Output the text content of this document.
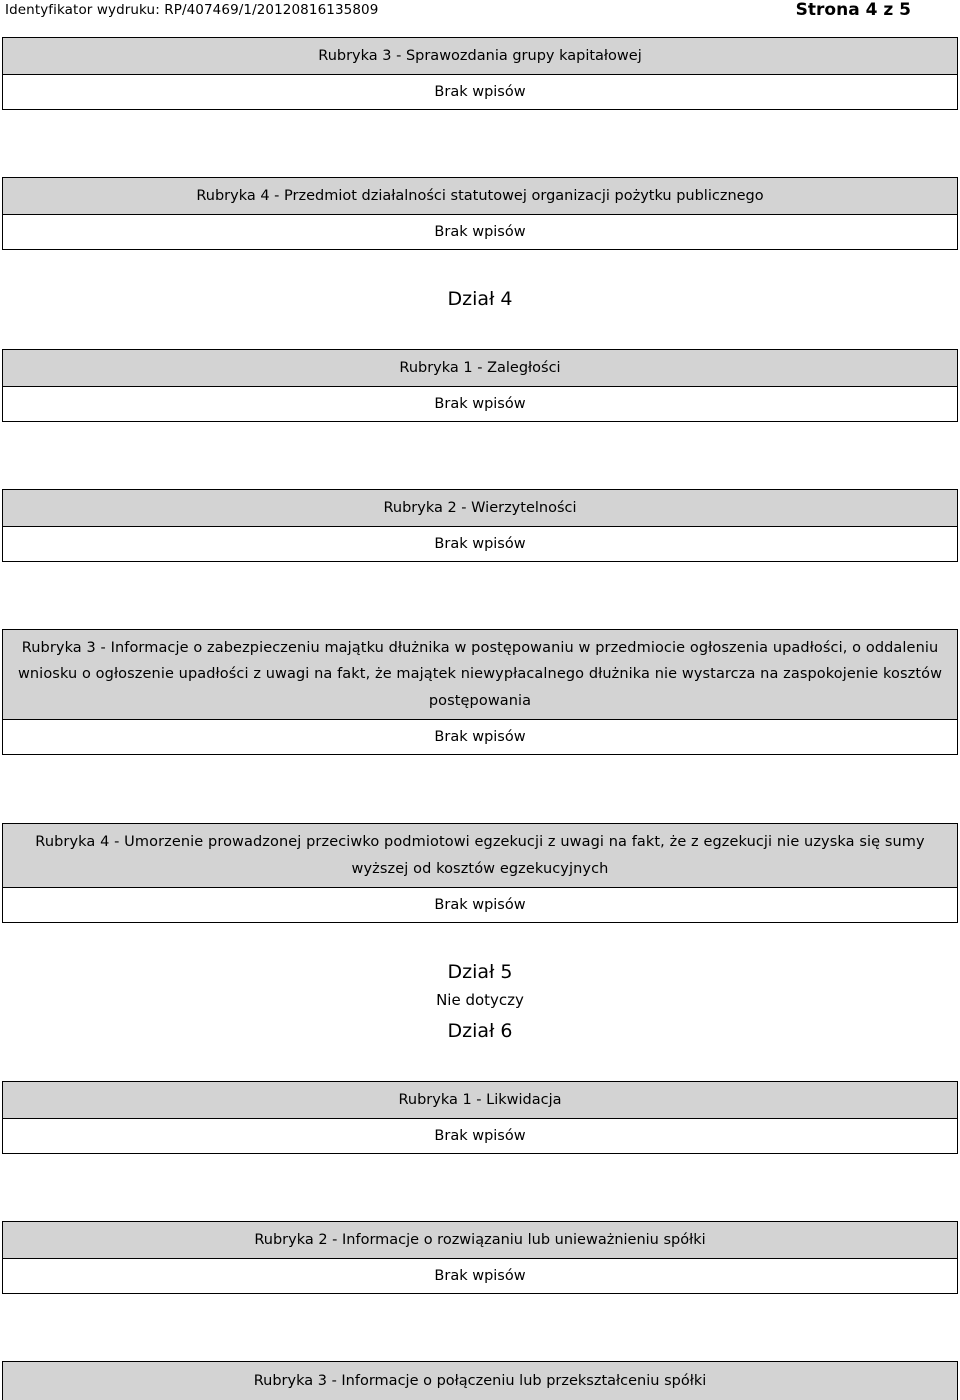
Identyfikator wydruku: RP/407469/1/20120816135809	Strona 4 z 5
Rubryka 3 - Sprawozdania grupy kapitałowej
Brak wpisów
Rubryka 4 - Przedmiot działalności statutowej organizacji pożytku publicznego
Brak wpisów
Dział 4
Rubryka 1 - Zaległości
Brak wpisów
Rubryka 2 - Wierzytelności
Brak wpisów
Rubryka 3 - Informacje o zabezpieczeniu majątku dłużnika w postępowaniu w przedmiocie ogłoszenia upadłości, o oddaleniu wniosku o ogłoszenie upadłości z uwagi na fakt, że majątek niewypłacalnego dłużnika nie wystarcza na zaspokojenie kosztów postępowania
Brak wpisów
Rubryka 4 - Umorzenie prowadzonej przeciwko podmiotowi egzekucji z uwagi na fakt, że z egzekucji nie uzyska się sumy wyższej od kosztów egzekucyjnych
Brak wpisów
Dział 5
Nie dotyczy
Dział 6
Rubryka 1 - Likwidacja
Brak wpisów
Rubryka 2 - Informacje o rozwiązaniu lub unieważnieniu spółki
Brak wpisów
Rubryka 3 - Informacje o połączeniu lub przekształceniu spółki
